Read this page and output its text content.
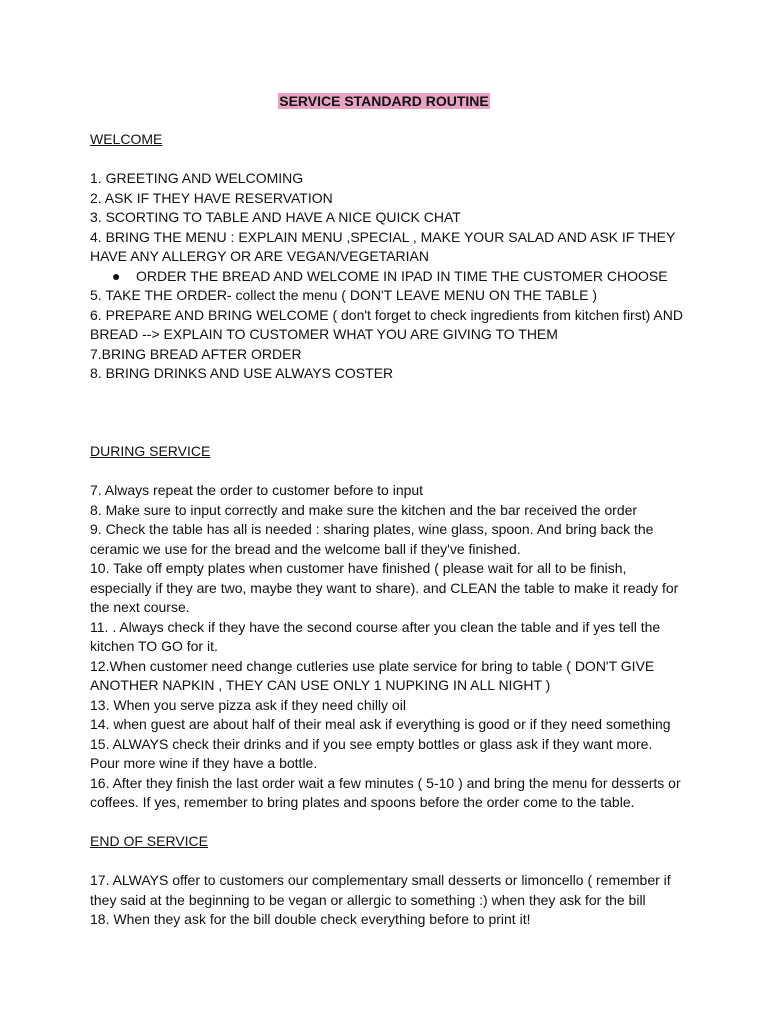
SERVICE STANDARD ROUTINE
WELCOME
1. GREETING AND WELCOMING
2. ASK IF THEY HAVE RESERVATION
3. SCORTING TO TABLE AND HAVE A NICE QUICK CHAT
4. BRING THE MENU : EXPLAIN MENU ,SPECIAL , MAKE YOUR SALAD AND ASK IF THEY
HAVE ANY ALLERGY OR ARE VEGAN/VEGETARIAN
● ORDER THE BREAD AND WELCOME IN IPAD IN TIME THE CUSTOMER CHOOSE
5. TAKE THE ORDER- collect the menu ( DON'T LEAVE MENU ON THE TABLE )
6. PREPARE AND BRING WELCOME ( don't forget to check ingredients from kitchen first) AND
BREAD --> EXPLAIN TO CUSTOMER WHAT YOU ARE GIVING TO THEM
7.BRING BREAD AFTER ORDER
8. BRING DRINKS AND USE ALWAYS COSTER
DURING SERVICE
7. Always repeat the order to customer before to input
8. Make sure to input correctly and make sure the kitchen and the bar received the order
9. Check the table has all is needed : sharing plates, wine glass, spoon. And bring back the
ceramic we use for the bread and the welcome ball if they've finished.
10. Take off empty plates when customer have finished ( please wait for all to be finish,
especially if they are two, maybe they want to share). and CLEAN the table to make it ready for
the next course.
11. . Always check if they have the second course after you clean the table and if yes tell the
kitchen TO GO for it.
12.When customer need change cutleries use plate service for bring to table ( DON'T GIVE
ANOTHER NAPKIN , THEY CAN USE ONLY 1 NUPKING IN ALL NIGHT )
13. When you serve pizza ask if they need chilly oil
14. when guest are about half of their meal ask if everything is good or if they need something
15. ALWAYS check their drinks and if you see empty bottles or glass ask if they want more.
Pour more wine if they have a bottle.
16. After they finish the last order wait a few minutes ( 5-10 ) and bring the menu for desserts or
coffees. If yes, remember to bring plates and spoons before the order come to the table.
END OF SERVICE
17. ALWAYS offer to customers our complementary small desserts or limoncello ( remember if
they said at the beginning to be vegan or allergic to something :) when they ask for the bill
18. When they ask for the bill double check everything before to print it!
